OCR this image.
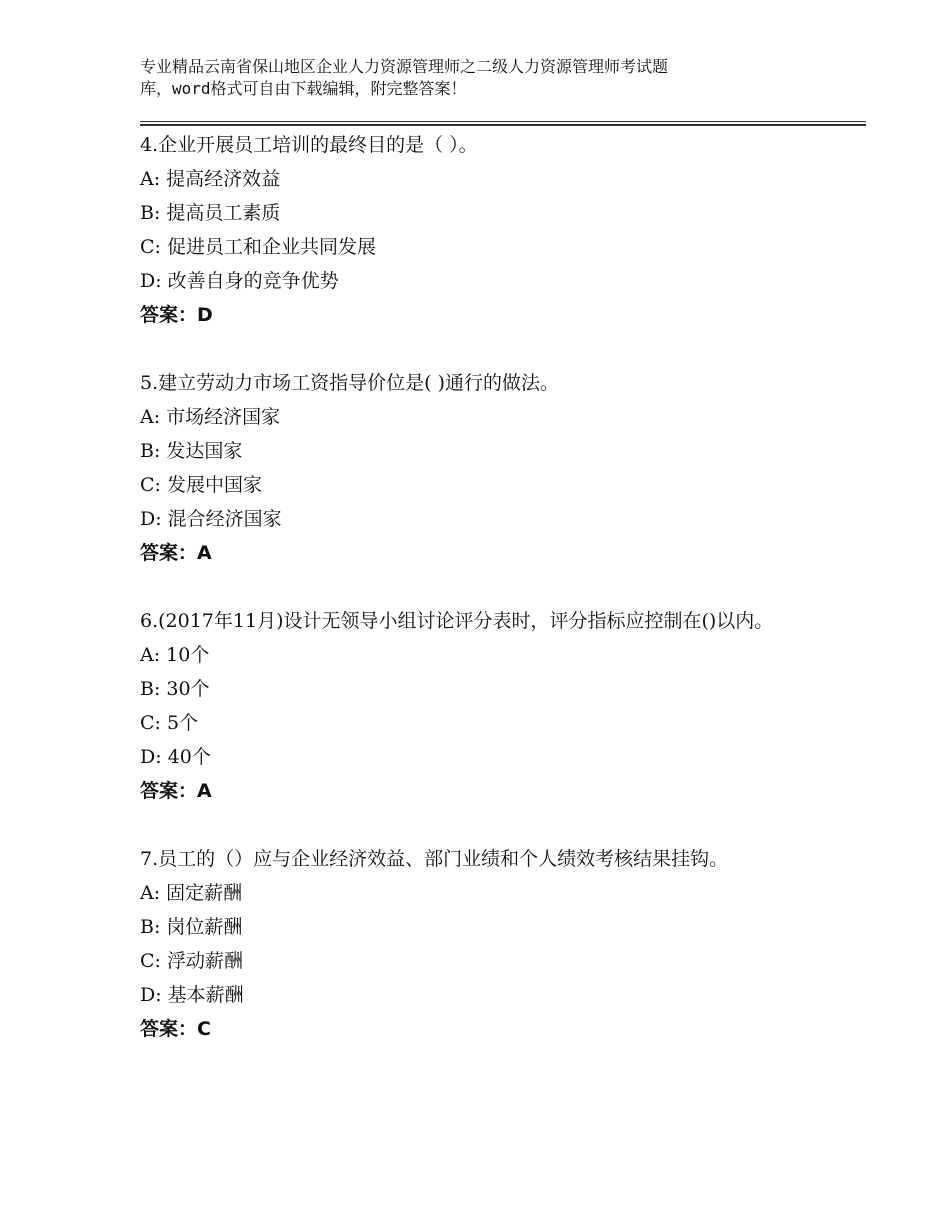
专业精品云南省保山地区企业人力资源管理师之二级人力资源管理师考试题
库，word格式可自由下载编辑，附完整答案！

4.企业开展员工培训的最终目的是（ ）。

A: 提高经济效益

B: 提高员工素质

C: 促进员工和企业共同发展

D: 改善自身的竞争优势

答案：D

5.建立劳动力市场工资指导价位是( )通行的做法。

A: 市场经济国家

B: 发达国家

C: 发展中国家

D: 混合经济国家

答案：A

6.(2017年11月)设计无领导小组讨论评分表时，评分指标应控制在()以内。

A: 10个

B: 30个

C: 5个

D: 40个

答案：A

7.员工的（）应与企业经济效益、部门业绩和个人绩效考核结果挂钩。

A: 固定薪酬

B: 岗位薪酬

C: 浮动薪酬

D: 基本薪酬

答案：C
